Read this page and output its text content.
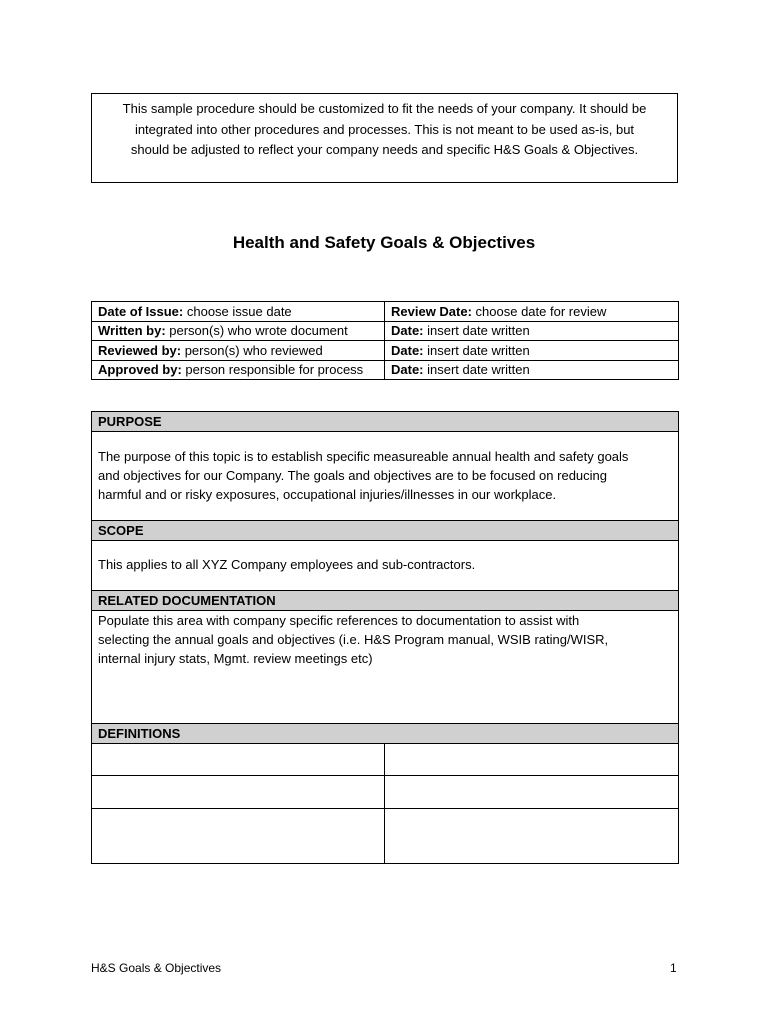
This sample procedure should be customized to fit the needs of your company. It should be
integrated into other procedures and processes. This is not meant to be used as-is, but
should be adjusted to reflect your company needs and specific H&S Goals & Objectives.
Health and Safety Goals & Objectives
Date of Issue: choose issue date	Review Date: choose date for review
Written by: person(s) who wrote document	Date: insert date written
Reviewed by: person(s) who reviewed	Date: insert date written
Approved by: person responsible for process	Date: insert date written
PURPOSE	

The purpose of this topic is to establish specific measureable annual health and safety goals
and objectives for our Company. The goals and objectives are to be focused on reducing
harmful and or risky exposures, occupational injuries/illnesses in our workplace.	

SCOPE	

This applies to all XYZ Company employees and sub-contractors.	

RELATED DOCUMENTATION	

Populate this area with company specific references to documentation to assist with
selecting the annual goals and objectives (i.e. H&S Program manual, WSIB rating/WISR,
internal injury stats, Mgmt. review meetings etc)	

DEFINITIONS	

H&S Goals & Objectives	1
